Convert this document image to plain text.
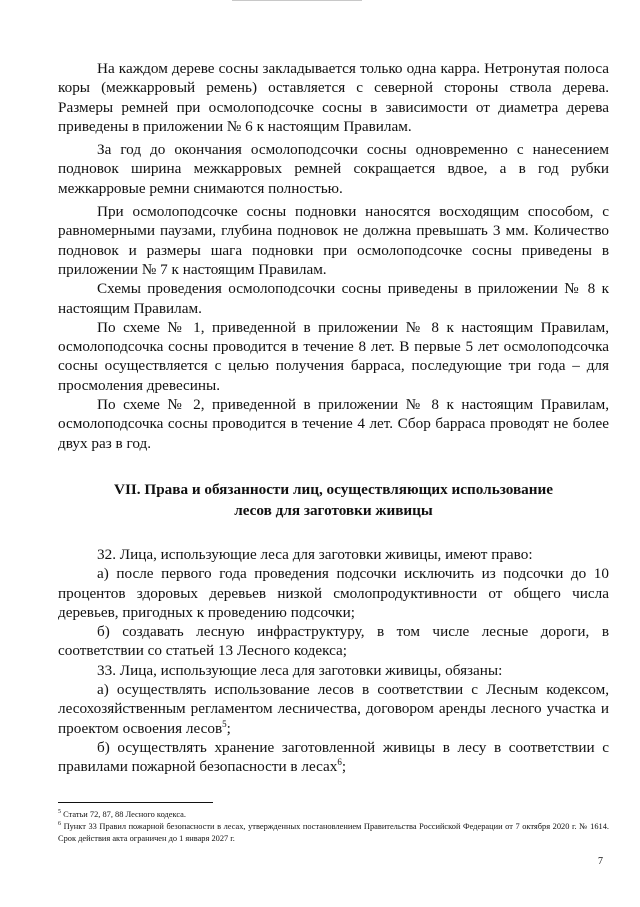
На каждом дереве сосны закладывается только одна карра. Нетронутая полоса коры (межкарровый ремень) оставляется с северной стороны ствола дерева. Размеры ремней при осмолоподсочке сосны в зависимости от диаметра дерева приведены в приложении № 6 к настоящим Правилам.

За год до окончания осмолоподсочки сосны одновременно с нанесением подновок ширина межкарровых ремней сокращается вдвое, а в год рубки межкарровые ремни снимаются полностью.

При осмолоподсочке сосны подновки наносятся восходящим способом, с равномерными паузами, глубина подновок не должна превышать 3 мм. Количество подновок и размеры шага подновки при осмолоподсочке сосны приведены в приложении № 7 к настоящим Правилам.

Схемы проведения осмолоподсочки сосны приведены в приложении № 8 к настоящим Правилам.

По схеме № 1, приведенной в приложении № 8 к настоящим Правилам, осмолоподсочка сосны проводится в течение 8 лет. В первые 5 лет осмолоподсочка сосны осуществляется с целью получения барраса, последующие три года – для просмоления древесины.

По схеме № 2, приведенной в приложении № 8 к настоящим Правилам, осмолоподсочка сосны проводится в течение 4 лет. Сбор барраса проводят не более двух раз в год.

VII. Права и обязанности лиц, осуществляющих использование
лесов для заготовки живицы

32. Лица, использующие леса для заготовки живицы, имеют право:

а) после первого года проведения подсочки исключить из подсочки до 10 процентов здоровых деревьев низкой смолопродуктивности от общего числа деревьев, пригодных к проведению подсочки;

б) создавать лесную инфраструктуру, в том числе лесные дороги, в соответствии со статьей 13 Лесного кодекса;

33. Лица, использующие леса для заготовки живицы, обязаны:

а) осуществлять использование лесов в соответствии с Лесным кодексом, лесохозяйственным регламентом лесничества, договором аренды лесного участка и проектом освоения лесов$^5$;

б) осуществлять хранение заготовленной живицы в лесу в соответствии с правилами пожарной безопасности в лесах$^6$;

$^5$ Статьи 72, 87, 88 Лесного кодекса.

$^6$ Пункт 33 Правил пожарной безопасности в лесах, утвержденных постановлением Правительства Российской Федерации от 7 октября 2020 г. № 1614. Срок действия акта ограничен до 1 января 2027 г.

7
